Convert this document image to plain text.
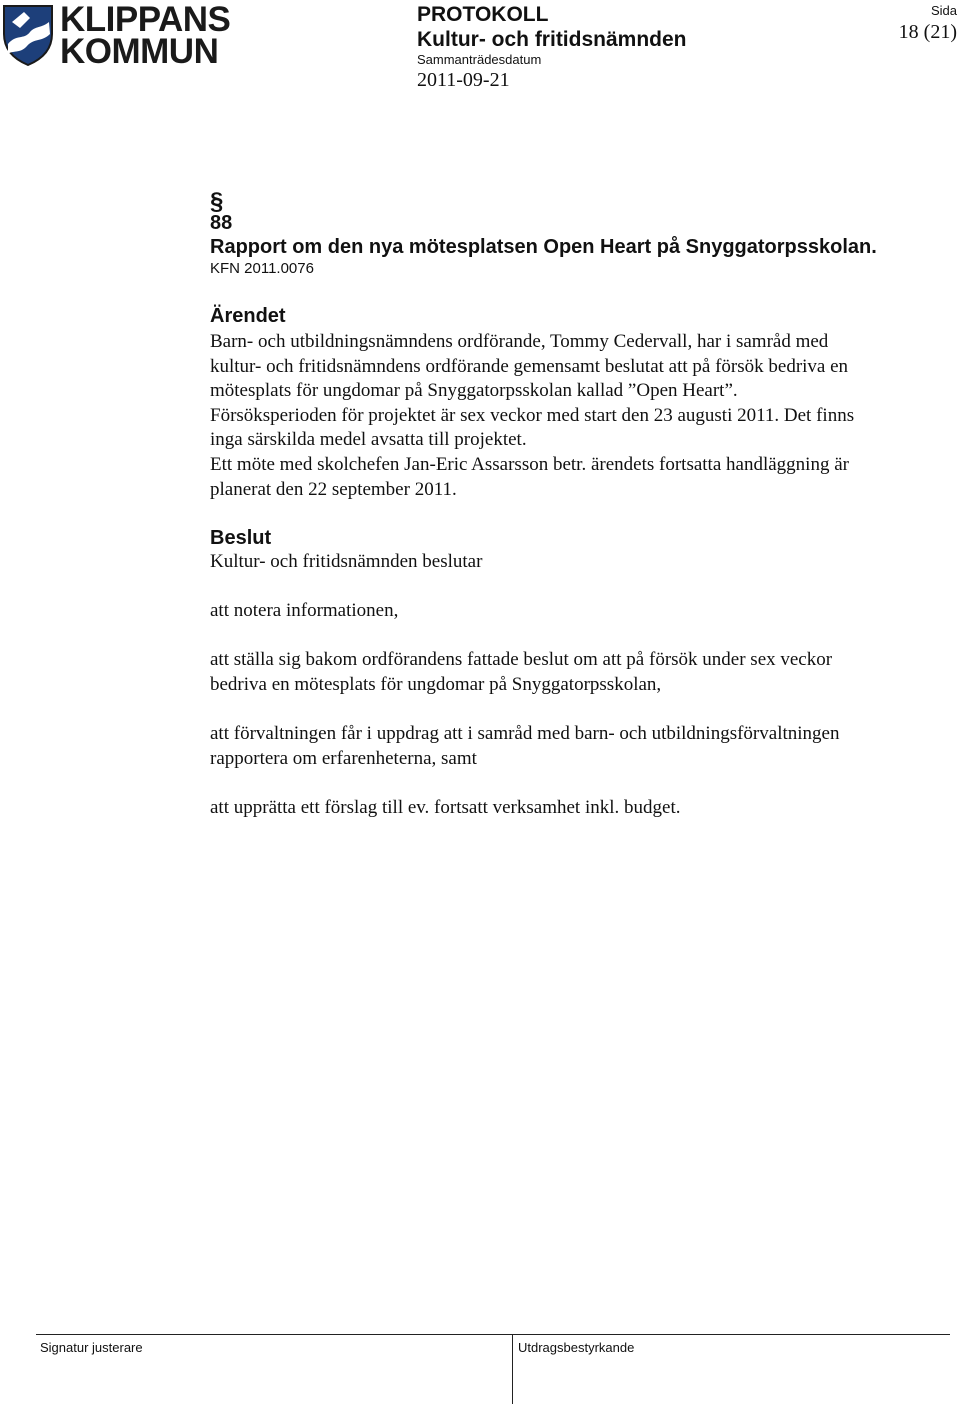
KLIPPANS
KOMMUN
PROTOKOLL
Kultur- och fritidsnämnden
Sammanträdesdatum
2011-09-21
Sida
18 (21)
§
88
Rapport om den nya mötesplatsen Open Heart på Snyggatorpsskolan.
KFN 2011.0076
Ärendet

Barn- och utbildningsnämndens ordförande, Tommy Cedervall, har i samråd med

kultur- och fritidsnämndens ordförande gemensamt beslutat att på försök bedriva en

mötesplats för ungdomar på Snyggatorpsskolan kallad ”Open Heart”.

Försöksperioden för projektet är sex veckor med start den 23 augusti 2011. Det finns

inga särskilda medel avsatta till projektet.

Ett möte med skolchefen Jan-Eric Assarsson betr. ärendets fortsatta handläggning är

planerat den 22 september 2011.

Beslut

Kultur- och fritidsnämnden beslutar

att notera informationen,

att ställa sig bakom ordförandens fattade beslut om att på försök under sex veckor
bedriva en mötesplats för ungdomar på Snyggatorpsskolan,

att förvaltningen får i uppdrag att i samråd med barn- och utbildningsförvaltningen
rapportera om erfarenheterna, samt

att upprätta ett förslag till ev. fortsatt verksamhet inkl. budget.

Signatur justerare	Utdragsbestyrkande
